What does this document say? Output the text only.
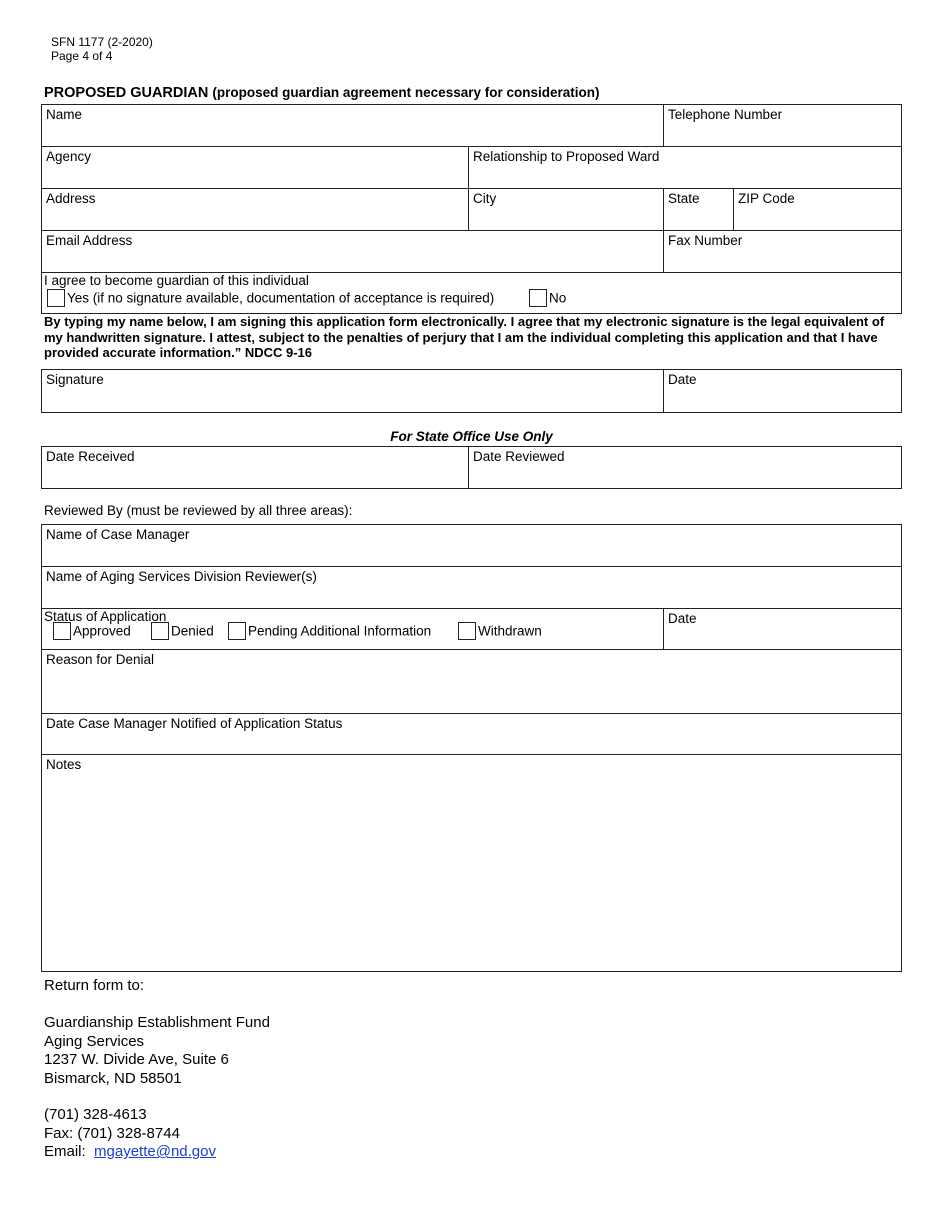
SFN 1177 (2-2020)
Page 4 of 4
PROPOSED GUARDIAN (proposed guardian agreement necessary for consideration)
Name	Telephone Number
Agency	Relationship to Proposed Ward
Address	City	State	ZIP Code
Email Address	Fax Number
I agree to become guardian of this individual
Yes (if no signature available, documentation of acceptance is required)	No
By typing my name below, I am signing this application form electronically. I agree that my electronic signature is the legal equivalent of my handwritten signature. I attest, subject to the penalties of perjury that I am the individual completing this application and that I have provided accurate information.” NDCC 9-16
Signature	Date
For State Office Use Only
Date Received	Date Reviewed
Reviewed By (must be reviewed by all three areas):
Name of Case Manager
Name of Aging Services Division Reviewer(s)
Status of Application	Date
Approved	Denied	Pending Additional Information	Withdrawn
Reason for Denial
Date Case Manager Notified of Application Status
Notes
Return form to:
Guardianship Establishment Fund
Aging Services
1237 W. Divide Ave, Suite 6
Bismarck, ND 58501
(701) 328-4613
Fax: (701) 328-8744
Email: mgayette@nd.gov
